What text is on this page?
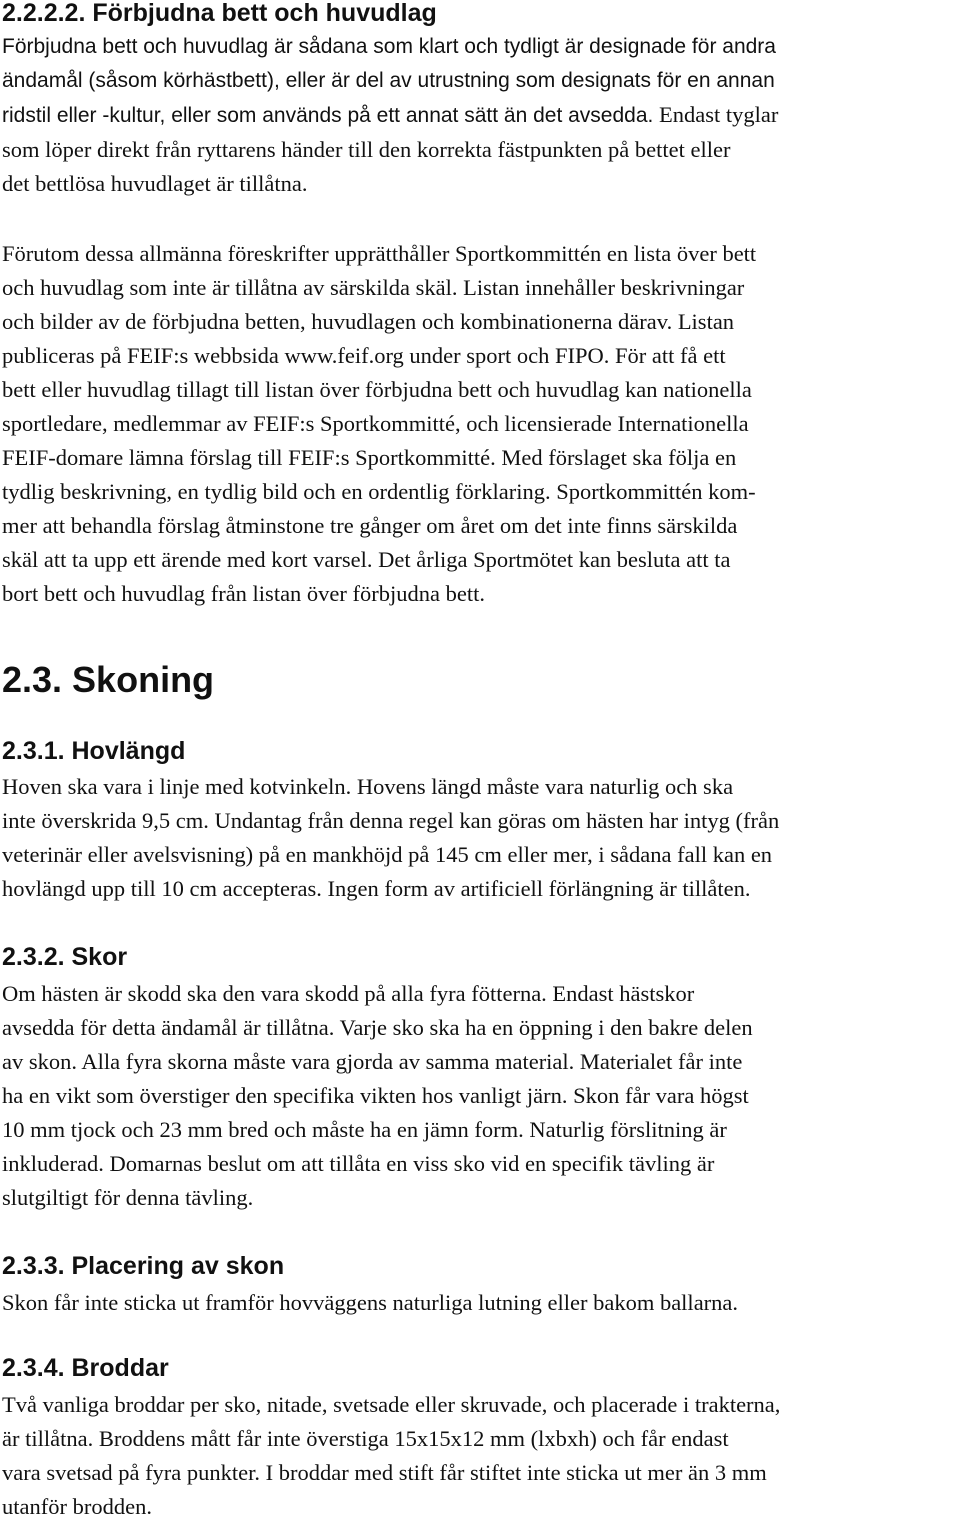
2.2.2.2. Förbjudna bett och huvudlag
Förbjudna bett och huvudlag är sådana som klart och tydligt är designade för andra
ändamål (såsom körhästbett), eller är del av utrustning som designats för en annan
ridstil eller -kultur, eller som används på ett annat sätt än det avsedda. Endast tyglar
som löper direkt från ryttarens händer till den korrekta fästpunkten på bettet eller
det bettlösa huvudlaget är tillåtna.
Förutom dessa allmänna föreskrifter upprätthåller Sportkommittén en lista över bett
och huvudlag som inte är tillåtna av särskilda skäl. Listan innehåller beskrivningar
och bilder av de förbjudna betten, huvudlagen och kombinationerna därav. Listan
publiceras på FEIF:s webbsida www.feif.org under sport och FIPO. För att få ett
bett eller huvudlag tillagt till listan över förbjudna bett och huvudlag kan nationella
sportledare, medlemmar av FEIF:s Sportkommitté, och licensierade Internationella
FEIF-domare lämna förslag till FEIF:s Sportkommitté. Med förslaget ska följa en
tydlig beskrivning, en tydlig bild och en ordentlig förklaring. Sportkommittén kom-
mer att behandla förslag åtminstone tre gånger om året om det inte finns särskilda
skäl att ta upp ett ärende med kort varsel. Det årliga Sportmötet kan besluta att ta
bort bett och huvudlag från listan över förbjudna bett.
2.3. Skoning
2.3.1. Hovlängd
Hoven ska vara i linje med kotvinkeln. Hovens längd måste vara naturlig och ska
inte överskrida 9,5 cm. Undantag från denna regel kan göras om hästen har intyg (från
veterinär eller avelsvisning) på en mankhöjd på 145 cm eller mer, i sådana fall kan en
hovlängd upp till 10 cm accepteras. Ingen form av artificiell förlängning är tillåten.
2.3.2. Skor
Om hästen är skodd ska den vara skodd på alla fyra fötterna. Endast hästskor
avsedda för detta ändamål är tillåtna. Varje sko ska ha en öppning i den bakre delen
av skon. Alla fyra skorna måste vara gjorda av samma material. Materialet får inte
ha en vikt som överstiger den specifika vikten hos vanligt järn. Skon får vara högst
10 mm tjock och 23 mm bred och måste ha en jämn form. Naturlig förslitning är
inkluderad. Domarnas beslut om att tillåta en viss sko vid en specifik tävling är
slutgiltigt för denna tävling.
2.3.3. Placering av skon
Skon får inte sticka ut framför hovväggens naturliga lutning eller bakom ballarna.
2.3.4. Broddar
Två vanliga broddar per sko, nitade, svetsade eller skruvade, och placerade i trakterna,
är tillåtna. Broddens mått får inte överstiga 15x15x12 mm (lxbxh) och får endast
vara svetsad på fyra punkter. I broddar med stift får stiftet inte sticka ut mer än 3 mm
utanför brodden.
